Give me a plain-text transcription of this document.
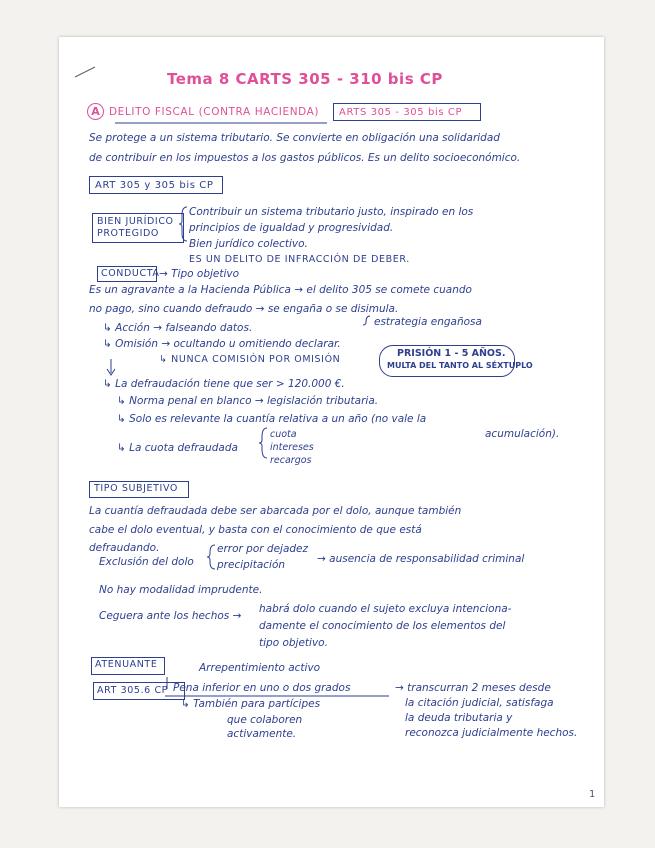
Tema 8 CARTS 305 - 310 bis CP
A DELITO FISCAL (CONTRA HACIENDA) ARTS 305 - 305 bis CP
Se protege a un sistema tributario. Se convierte en obligación una solidaridad
de contribuir en los impuestos a los gastos públicos. Es un delito socioeconómico.
ART 305 y 305 bis CP
BIEN JURÍDICO
PROTEGIDO
Contribuir un sistema tributario justo, inspirado en los
principios de igualdad y progresividad.
Bien jurídico colectivo.
ES UN DELITO DE INFRACCIÓN DE DEBER.
CONDUCTA → Tipo objetivo
Es un agravante a la Hacienda Pública → el delito 305 se comete cuando
no pago, sino cuando defraudo → se engaña o se disimula.
↳ Acción → falseando datos.	estrategia engañosa
↳ Omisión → ocultando u omitiendo declarar.
↳ NUNCA COMISIÓN POR OMISIÓN
PRISIÓN 1 - 5 AÑOS.
MULTA DEL TANTO AL SÉXTUPLO
↳ La defraudación tiene que ser > 120.000 €.
↳ Norma penal en blanco → legislación tributaria.
↳ Solo es relevante la cuantía relativa a un año (no vale la
acumulación).
↳ La cuota defraudada
cuota
intereses
recargos
TIPO SUBJETIVO
La cuantía defraudada debe ser abarcada por el dolo, aunque también
cabe el dolo eventual, y basta con el conocimiento de que está
defraudando.
Exclusión del dolo
error por dejadez
precipitación	→ ausencia de responsabilidad criminal
No hay modalidad imprudente.
Ceguera ante los hechos →
habrá dolo cuando el sujeto excluya intenciona-
damente el conocimiento de los elementos del
tipo objetivo.
ATENUANTE	Arrepentimiento activo
ART 305.6 CP Pena inferior en uno o dos grados
↳ También para partícipes
que colaboren
activamente.
→ transcurran 2 meses desde
la citación judicial, satisfaga
la deuda tributaria y
reconozca judicialmente hechos.
1
